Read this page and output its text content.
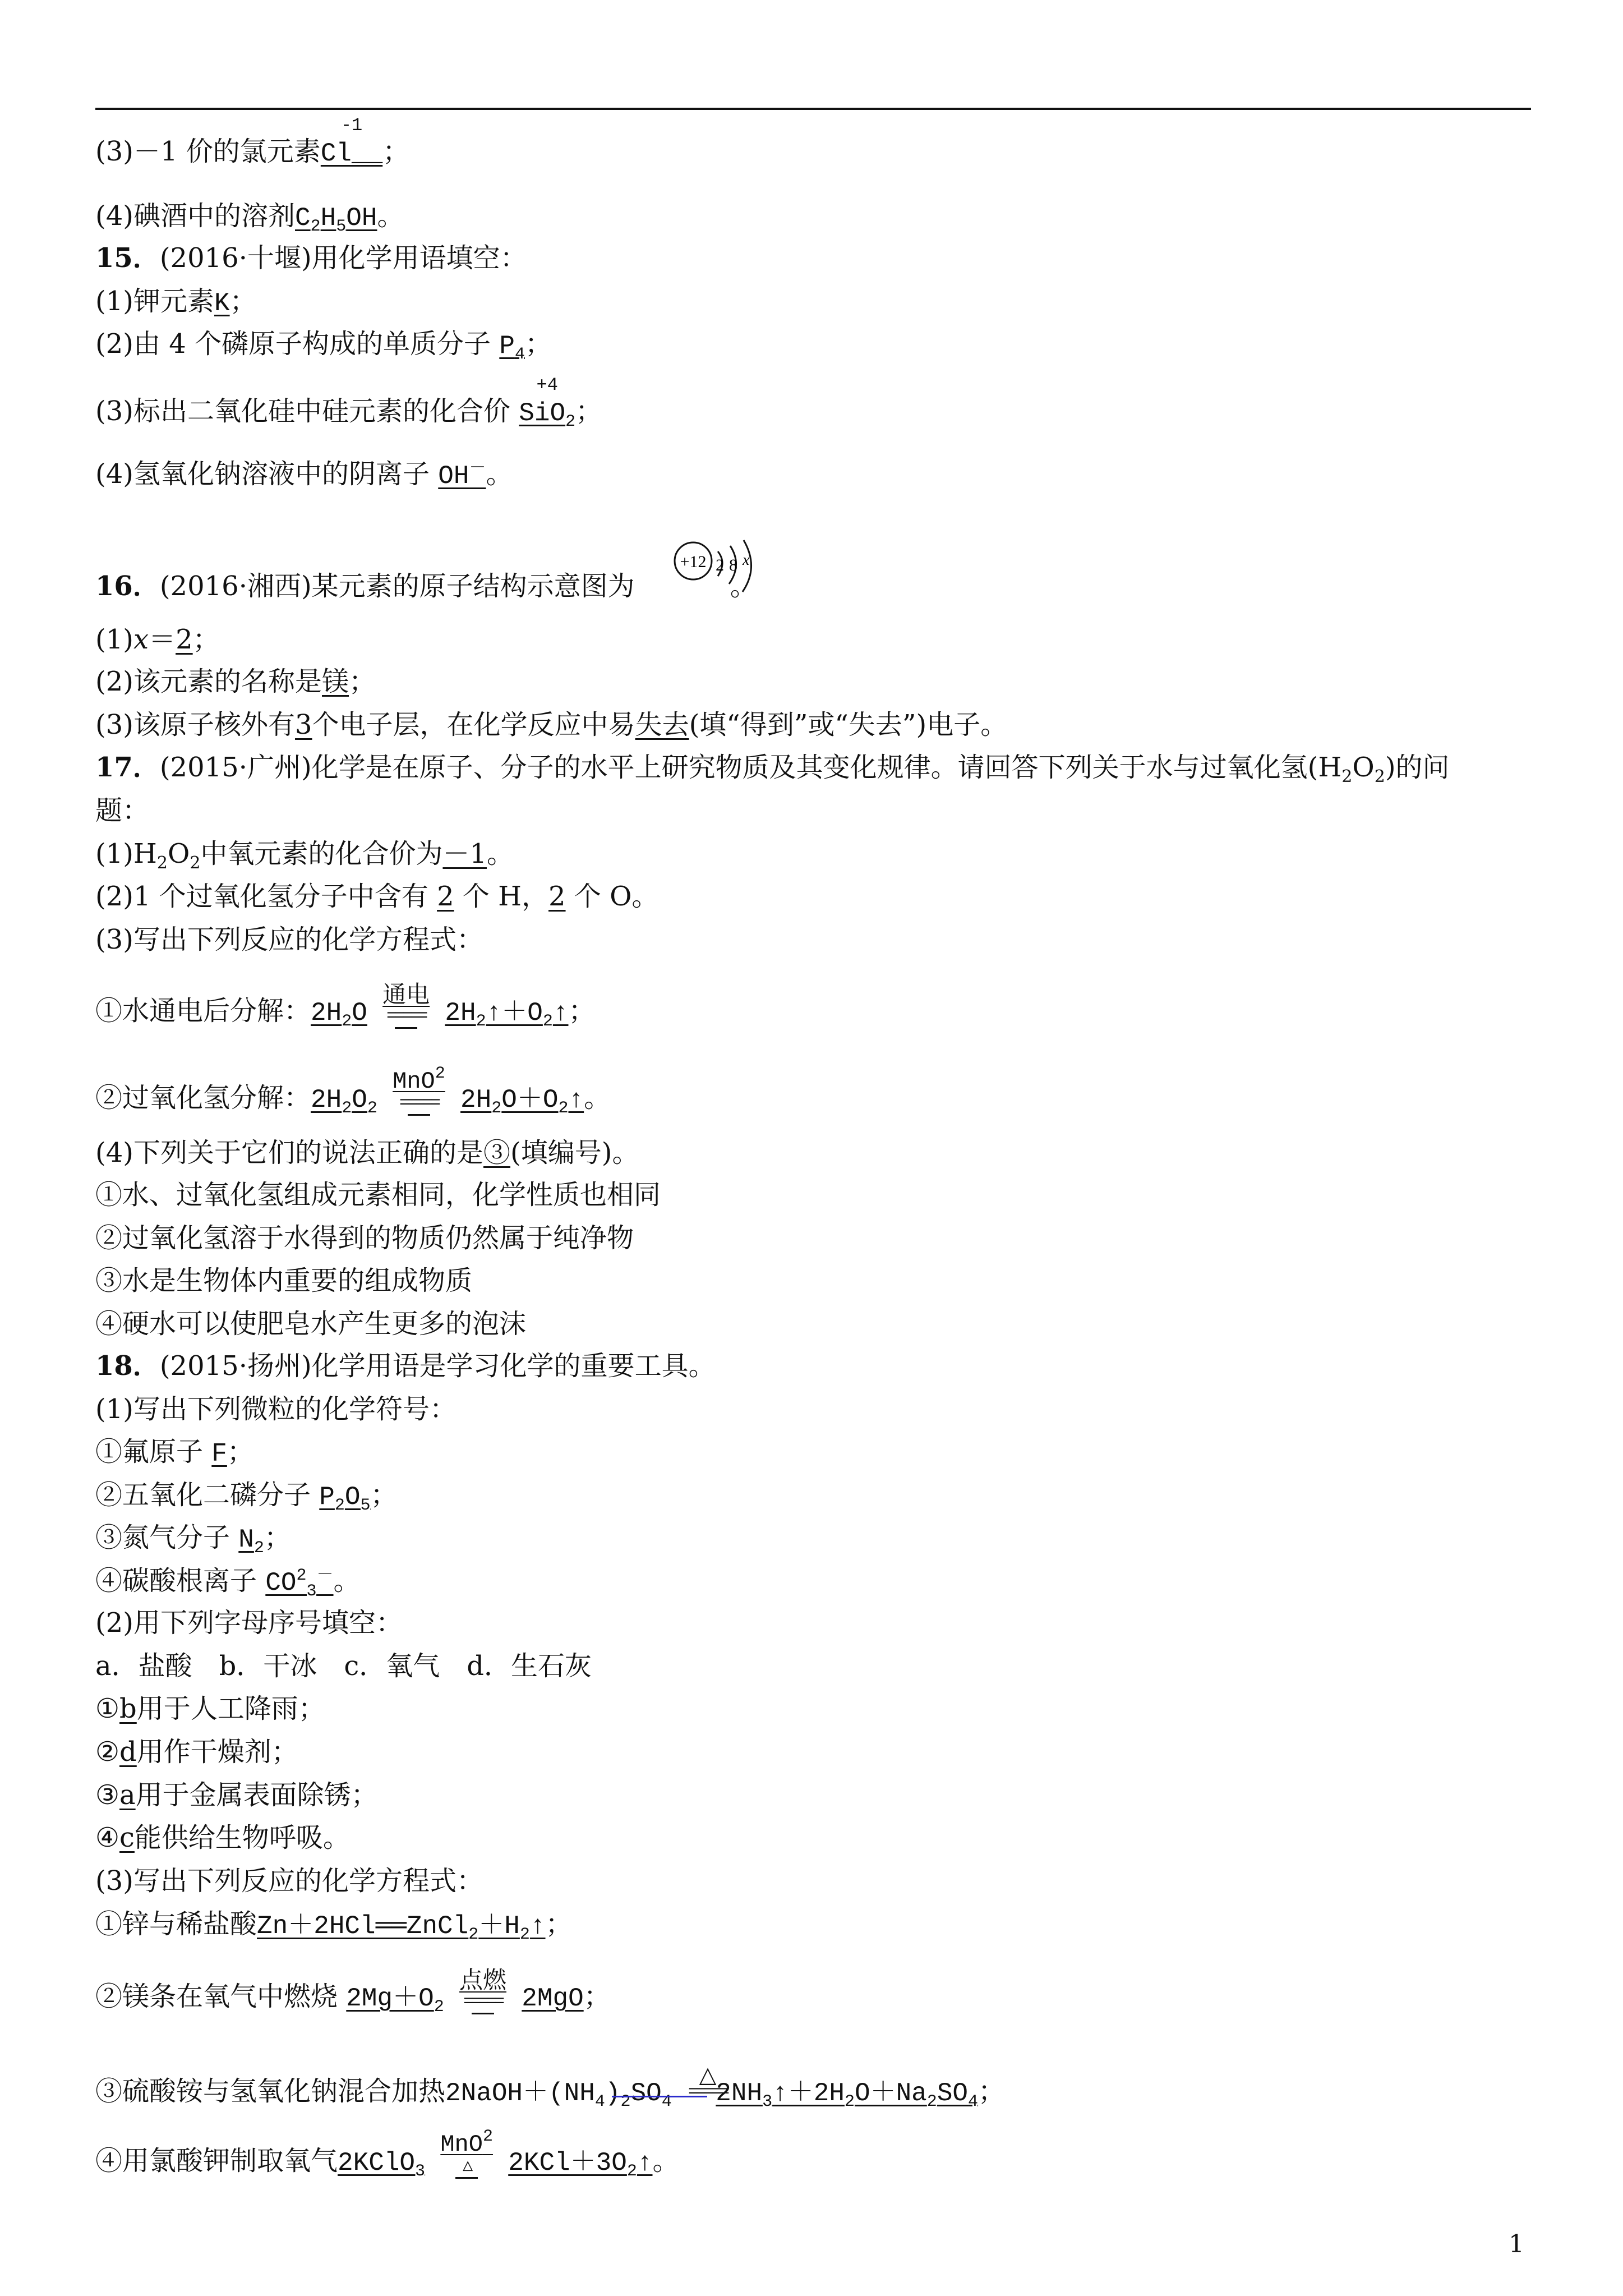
(3)－1 价的氯元素
-1
Cl__；
(4)碘酒中的溶剂$C_2H_5OH$。
15．(2016·十堰)用化学用语填空：
(1)钾元素K；
(2)由 4 个磷原子构成的单质分子 $P_4$；
(3)标出二氧化硅中硅元素的化合价
+4
SiO$_2$；
(4)氢氧化钠溶液中的阴离子 OH－。
+12 2 8 x
16．(2016·湘西)某元素的原子结构示意图为	。
(1)x＝2；
(2)该元素的名称是镁；
(3)该原子核外有3个电子层，在化学反应中易失去(填“得到”或“失去”)电子。
17．(2015·广州)化学是在原子、分子的水平上研究物质及其变化规律。请回答下列关于水与过氧化氢$(H_2O_2)$的问
题：
$(1)H_2O_2$中氧元素的化合价为－1。
(2)1 个过氧化氢分子中含有 2 个 H，2 个 O。
(3)写出下列反应的化学方程式：
①水通电后分解：$2H_2O$
通电
===== $2H_2↑+O_2↑$；
②过氧化氢分解：$2H_2O_2$
MnO$^2$
===== $2H_2O+O_2↑$。
(4)下列关于它们的说法正确的是③(填编号)。
①水、过氧化氢组成元素相同，化学性质也相同
②过氧化氢溶于水得到的物质仍然属于纯净物
③水是生物体内重要的组成物质
④硬水可以使肥皂水产生更多的泡沫
18．(2015·扬州)化学用语是学习化学的重要工具。
(1)写出下列微粒的化学符号：
①氟原子 F；
②五氧化二磷分子 $P_2O_5$；
③氮气分子 $N_2$；
④碳酸根离子 $CO^2_3^-$。
(2)用下列字母序号填空：
a．盐酸　b．干冰　c．氧气　d．生石灰
①b用于人工降雨；
②d用作干燥剂；
③a用于金属表面除锈；
④c能供给生物呼吸。
(3)写出下列反应的化学方程式：
①锌与稀盐酸$Zn+2HCl══ZnCl_2+H_2↑$；
②镁条在氧气中燃烧 $2Mg+O_2$
点燃
===== 2MgO；
③硫酸铵与氢氧化钠混合加热$2NaOH+(NH_4)_2SO_4$
△
=====
$2NH_3↑+2H_2O+Na_2SO_4$；
④用氯酸钾制取氧气2KClO$_3$
MnO$^2$
△	$2KCl+3O_2↑$。
1
